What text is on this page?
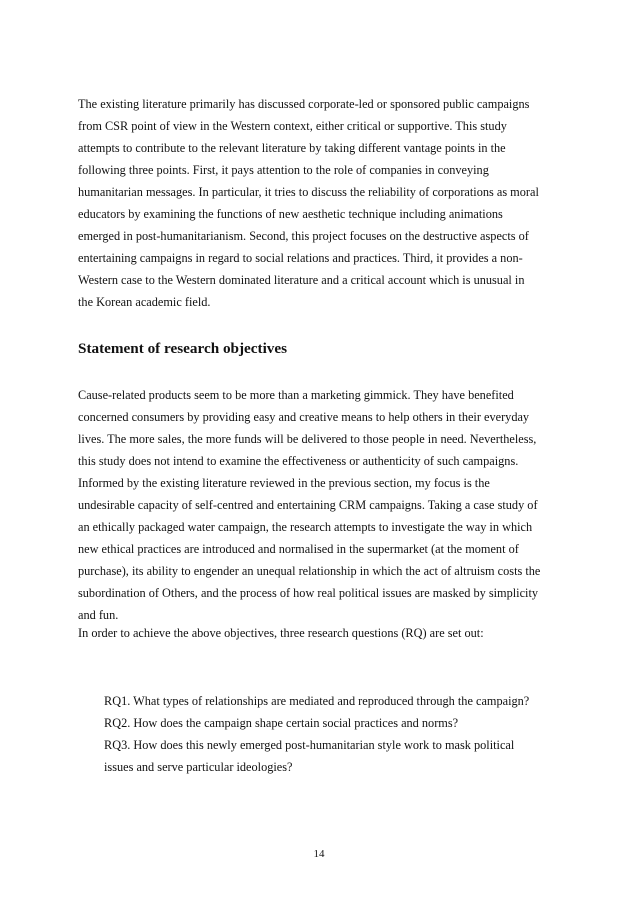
The existing literature primarily has discussed corporate-led or sponsored public campaigns

from CSR point of view in the Western context, either critical or supportive. This study

attempts to contribute to the relevant literature by taking different vantage points in the

following three points. First, it pays attention to the role of companies in conveying

humanitarian messages. In particular, it tries to discuss the reliability of corporations as moral

educators by examining the functions of new aesthetic technique including animations

emerged in post-humanitarianism. Second, this project focuses on the destructive aspects of

entertaining campaigns in regard to social relations and practices. Third, it provides a non-

Western case to the Western dominated literature and a critical account which is unusual in

the Korean academic field.

Statement of research objectives

Cause-related products seem to be more than a marketing gimmick. They have benefited

concerned consumers by providing easy and creative means to help others in their everyday

lives. The more sales, the more funds will be delivered to those people in need. Nevertheless,

this study does not intend to examine the effectiveness or authenticity of such campaigns.

Informed by the existing literature reviewed in the previous section, my focus is the

undesirable capacity of self-centred and entertaining CRM campaigns. Taking a case study of

an ethically packaged water campaign, the research attempts to investigate the way in which

new ethical practices are introduced and normalised in the supermarket (at the moment of

purchase), its ability to engender an unequal relationship in which the act of altruism costs the

subordination of Others, and the process of how real political issues are masked by simplicity

and fun.

In order to achieve the above objectives, three research questions (RQ) are set out:

RQ1. What types of relationships are mediated and reproduced through the campaign?

RQ2. How does the campaign shape certain social practices and norms?

RQ3. How does this newly emerged post-humanitarian style work to mask political

issues and serve particular ideologies?

14
